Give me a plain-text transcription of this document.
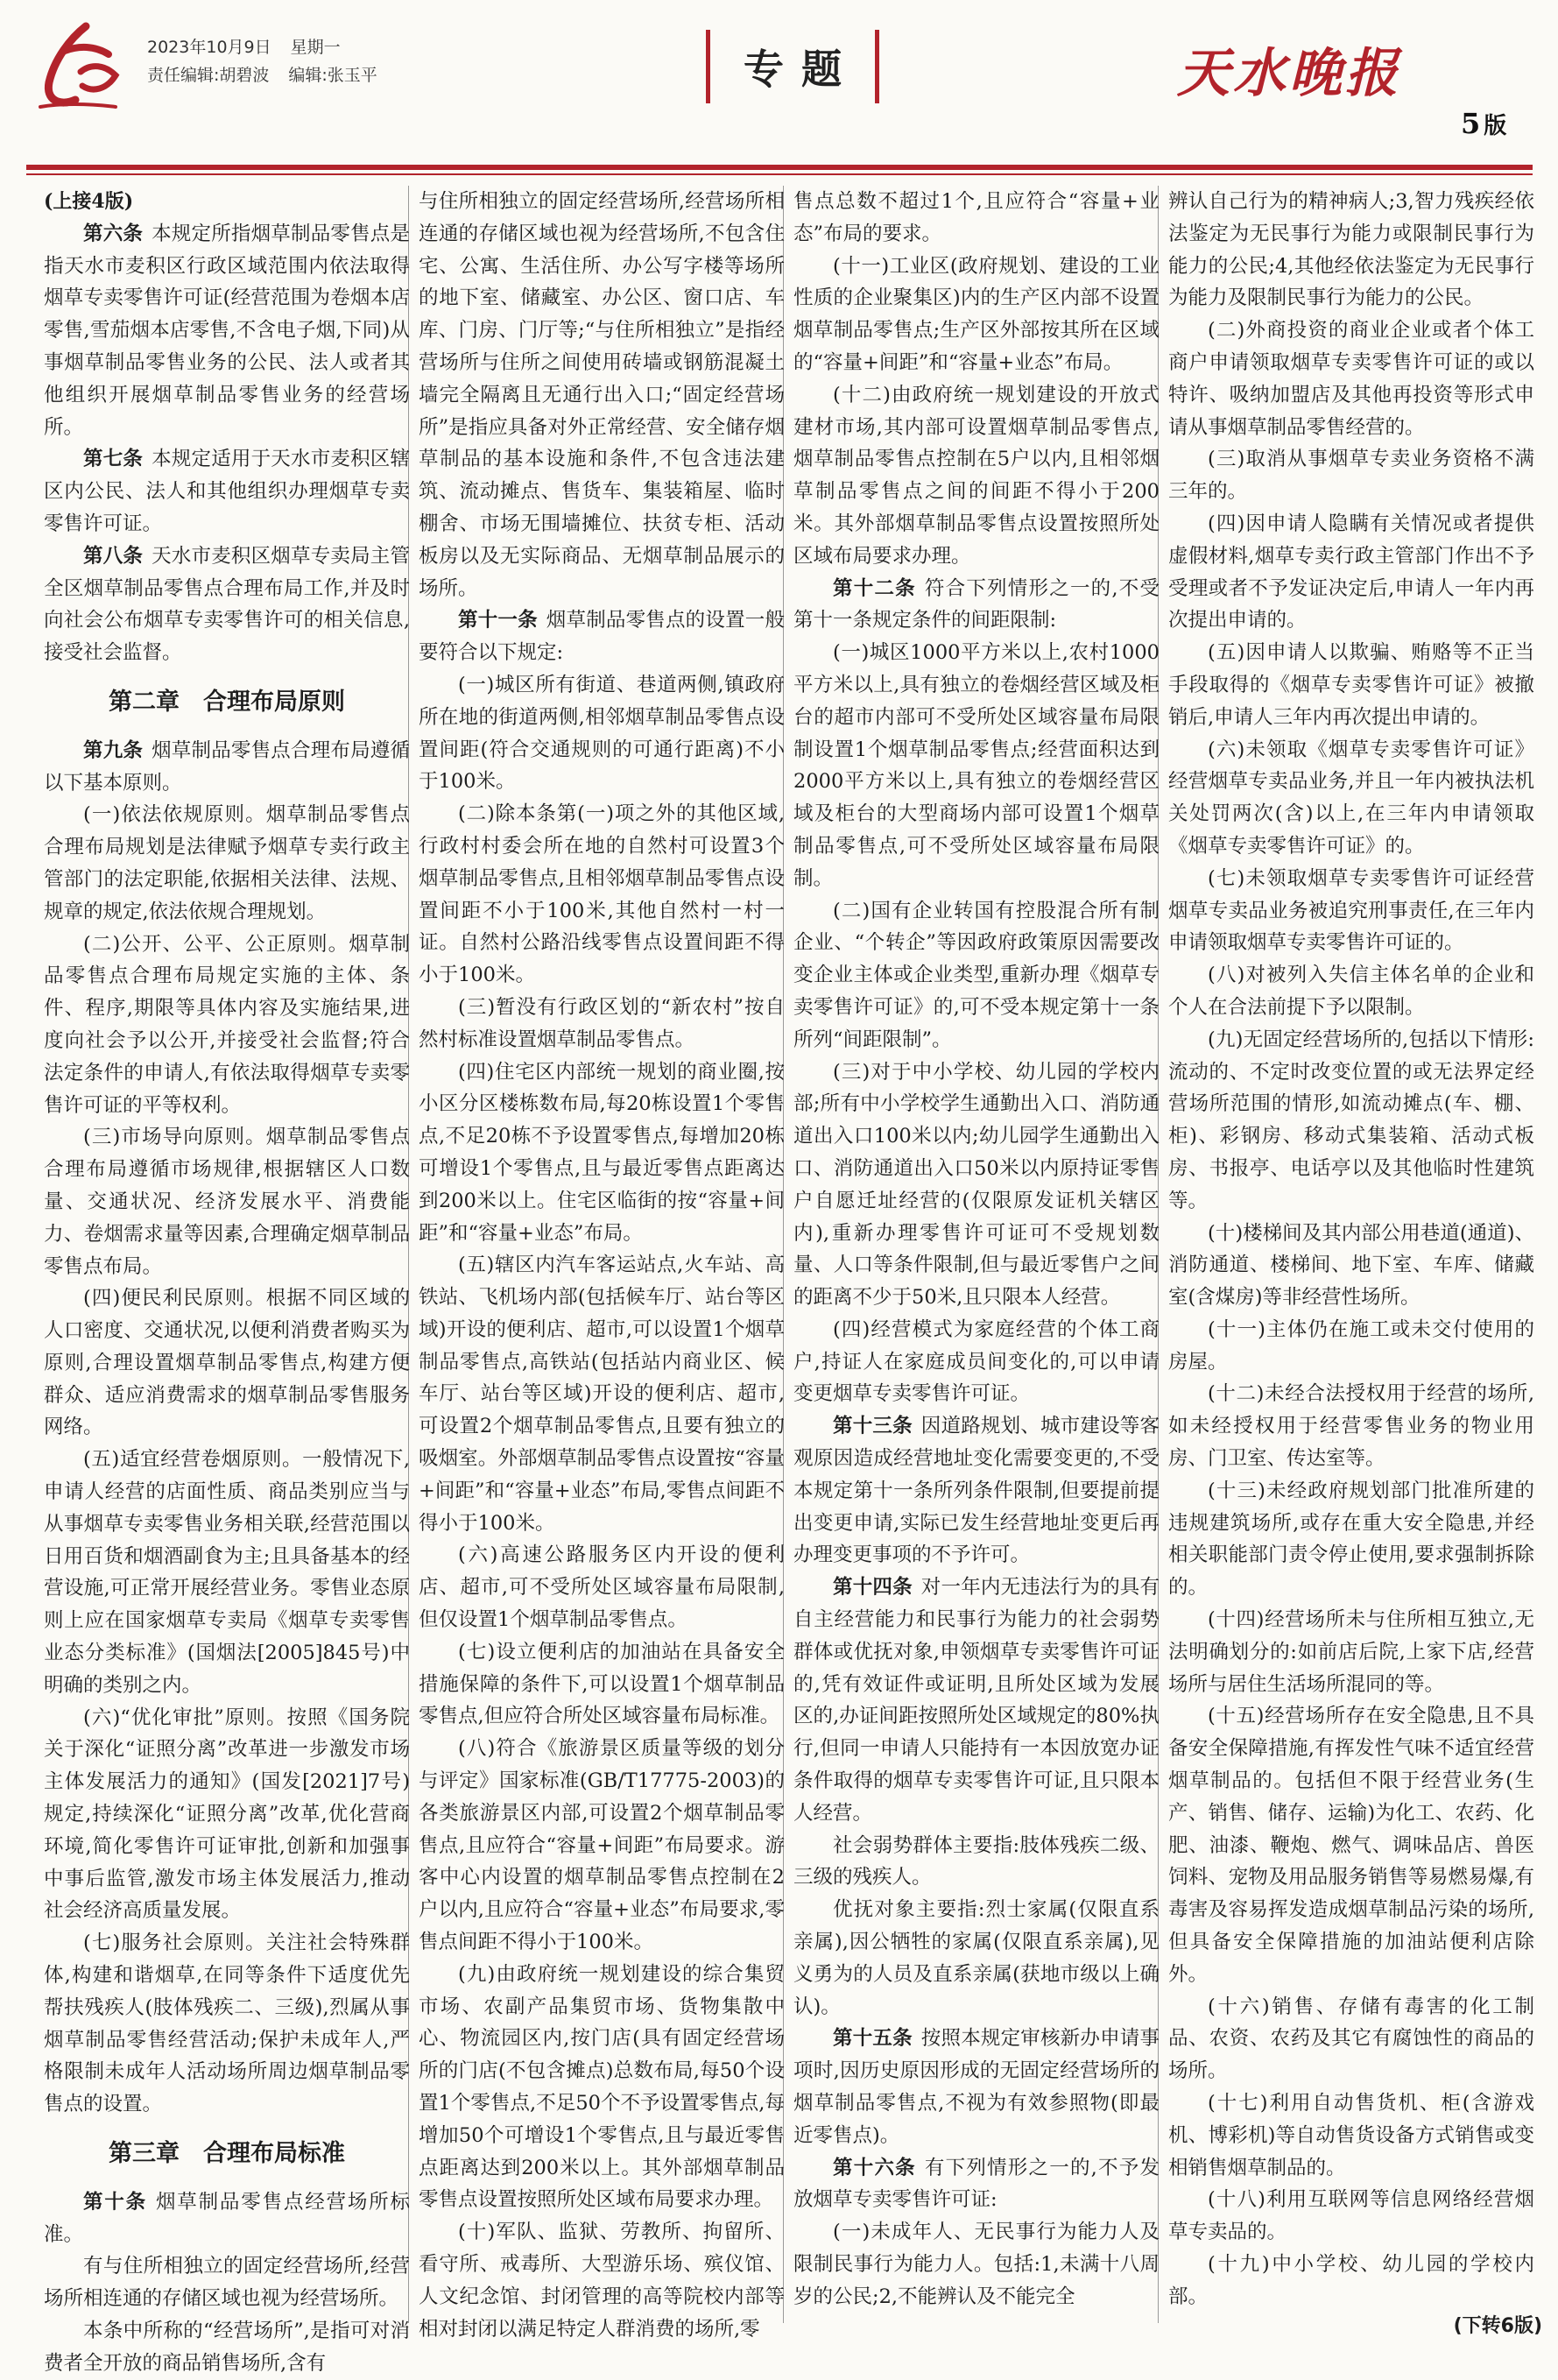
2023年10月9日 星期一
责任编辑:胡碧波 编辑:张玉平	专题	天水晚报
5 版

(上接4版)

第六条 本规定所指烟草制品零售点是指天水市麦积区行政区域范围内依法取得烟草专卖零售许可证(经营范围为卷烟本店零售,雪茄烟本店零售,不含电子烟,下同)从事烟草制品零售业务的公民、法人或者其他组织开展烟草制品零售业务的经营场所。

第七条 本规定适用于天水市麦积区辖区内公民、法人和其他组织办理烟草专卖零售许可证。

第八条 天水市麦积区烟草专卖局主管全区烟草制品零售点合理布局工作,并及时向社会公布烟草专卖零售许可的相关信息,接受社会监督。

第二章　合理布局原则

第九条 烟草制品零售点合理布局遵循以下基本原则。

(一)依法依规原则。烟草制品零售点合理布局规划是法律赋予烟草专卖行政主管部门的法定职能,依据相关法律、法规、规章的规定,依法依规合理规划。

(二)公开、公平、公正原则。烟草制品零售点合理布局规定实施的主体、条件、程序,期限等具体内容及实施结果,进度向社会予以公开,并接受社会监督;符合法定条件的申请人,有依法取得烟草专卖零售许可证的平等权利。

(三)市场导向原则。烟草制品零售点合理布局遵循市场规律,根据辖区人口数量、交通状况、经济发展水平、消费能力、卷烟需求量等因素,合理确定烟草制品零售点布局。

(四)便民利民原则。根据不同区域的人口密度、交通状况,以便利消费者购买为原则,合理设置烟草制品零售点,构建方便群众、适应消费需求的烟草制品零售服务网络。

(五)适宜经营卷烟原则。一般情况下,申请人经营的店面性质、商品类别应当与从事烟草专卖零售业务相关联,经营范围以日用百货和烟酒副食为主;且具备基本的经营设施,可正常开展经营业务。零售业态原则上应在国家烟草专卖局《烟草专卖零售业态分类标准》(国烟法[2005]845号)中明确的类别之内。

(六)“优化审批”原则。按照《国务院关于深化“证照分离”改革进一步激发市场主体发展活力的通知》(国发[2021]7号)规定,持续深化“证照分离”改革,优化营商环境,简化零售许可证审批,创新和加强事中事后监管,激发市场主体发展活力,推动社会经济高质量发展。

(七)服务社会原则。关注社会特殊群体,构建和谐烟草,在同等条件下适度优先帮扶残疾人(肢体残疾二、三级),烈属从事烟草制品零售经营活动;保护未成年人,严格限制未成年人活动场所周边烟草制品零售点的设置。

第三章　合理布局标准

第十条 烟草制品零售点经营场所标准。

有与住所相独立的固定经营场所,经营场所相连通的存储区域也视为经营场所。

本条中所称的“经营场所”,是指可对消费者全开放的商品销售场所,含有

与住所相独立的固定经营场所,经营场所相连通的存储区域也视为经营场所,不包含住宅、公寓、生活住所、办公写字楼等场所的地下室、储藏室、办公区、窗口店、车库、门房、门厅等;“与住所相独立”是指经营场所与住所之间使用砖墙或钢筋混凝土墙完全隔离且无通行出入口;“固定经营场所”是指应具备对外正常经营、安全储存烟草制品的基本设施和条件,不包含违法建筑、流动摊点、售货车、集装箱屋、临时棚舍、市场无围墙摊位、扶贫专柜、活动板房以及无实际商品、无烟草制品展示的场所。

第十一条 烟草制品零售点的设置一般要符合以下规定:

(一)城区所有街道、巷道两侧,镇政府所在地的街道两侧,相邻烟草制品零售点设置间距(符合交通规则的可通行距离)不小于100米。

(二)除本条第(一)项之外的其他区域,行政村村委会所在地的自然村可设置3个烟草制品零售点,且相邻烟草制品零售点设置间距不小于100米,其他自然村一村一证。自然村公路沿线零售点设置间距不得小于100米。

(三)暂没有行政区划的“新农村”按自然村标准设置烟草制品零售点。

(四)住宅区内部统一规划的商业圈,按小区分区楼栋数布局,每20栋设置1个零售点,不足20栋不予设置零售点,每增加20栋可增设1个零售点,且与最近零售点距离达到200米以上。住宅区临街的按“容量+间距”和“容量+业态”布局。

(五)辖区内汽车客运站点,火车站、高铁站、飞机场内部(包括候车厅、站台等区域)开设的便利店、超市,可以设置1个烟草制品零售点,高铁站(包括站内商业区、候车厅、站台等区域)开设的便利店、超市,可设置2个烟草制品零售点,且要有独立的吸烟室。外部烟草制品零售点设置按“容量+间距”和“容量+业态”布局,零售点间距不得小于100米。

(六)高速公路服务区内开设的便利店、超市,可不受所处区域容量布局限制,但仅设置1个烟草制品零售点。

(七)设立便利店的加油站在具备安全措施保障的条件下,可以设置1个烟草制品零售点,但应符合所处区域容量布局标准。

(八)符合《旅游景区质量等级的划分与评定》国家标准(GB/T17775-2003)的各类旅游景区内部,可设置2个烟草制品零售点,且应符合“容量+间距”布局要求。游客中心内设置的烟草制品零售点控制在2户以内,且应符合“容量+业态”布局要求,零售点间距不得小于100米。

(九)由政府统一规划建设的综合集贸市场、农副产品集贸市场、货物集散中心、物流园区内,按门店(具有固定经营场所的门店(不包含摊点)总数布局,每50个设置1个零售点,不足50个不予设置零售点,每增加50个可增设1个零售点,且与最近零售点距离达到200米以上。其外部烟草制品零售点设置按照所处区域布局要求办理。

(十)军队、监狱、劳教所、拘留所、看守所、戒毒所、大型游乐场、殡仪馆、人文纪念馆、封闭管理的高等院校内部等相对封闭以满足特定人群消费的场所,零

售点总数不超过1个,且应符合“容量+业态”布局的要求。

(十一)工业区(政府规划、建设的工业性质的企业聚集区)内的生产区内部不设置烟草制品零售点;生产区外部按其所在区域的“容量+间距”和“容量+业态”布局。

(十二)由政府统一规划建设的开放式建材市场,其内部可设置烟草制品零售点,烟草制品零售点控制在5户以内,且相邻烟草制品零售点之间的间距不得小于200米。其外部烟草制品零售点设置按照所处区域布局要求办理。

第十二条 符合下列情形之一的,不受第十一条规定条件的间距限制:

(一)城区1000平方米以上,农村1000平方米以上,具有独立的卷烟经营区域及柜台的超市内部可不受所处区域容量布局限制设置1个烟草制品零售点;经营面积达到2000平方米以上,具有独立的卷烟经营区域及柜台的大型商场内部可设置1个烟草制品零售点,可不受所处区域容量布局限制。

(二)国有企业转国有控股混合所有制企业、“个转企”等因政府政策原因需要改变企业主体或企业类型,重新办理《烟草专卖零售许可证》的,可不受本规定第十一条所列“间距限制”。

(三)对于中小学校、幼儿园的学校内部;所有中小学校学生通勤出入口、消防通道出入口100米以内;幼儿园学生通勤出入口、消防通道出入口50米以内原持证零售户自愿迁址经营的(仅限原发证机关辖区内),重新办理零售许可证可不受规划数量、人口等条件限制,但与最近零售户之间的距离不少于50米,且只限本人经营。

(四)经营模式为家庭经营的个体工商户,持证人在家庭成员间变化的,可以申请变更烟草专卖零售许可证。

第十三条 因道路规划、城市建设等客观原因造成经营地址变化需要变更的,不受本规定第十一条所列条件限制,但要提前提出变更申请,实际已发生经营地址变更后再办理变更事项的不予许可。

第十四条 对一年内无违法行为的具有自主经营能力和民事行为能力的社会弱势群体或优抚对象,申领烟草专卖零售许可证的,凭有效证件或证明,且所处区域为发展区的,办证间距按照所处区域规定的80%执行,但同一申请人只能持有一本因放宽办证条件取得的烟草专卖零售许可证,且只限本人经营。

社会弱势群体主要指:肢体残疾二级、三级的残疾人。

优抚对象主要指:烈士家属(仅限直系亲属),因公牺牲的家属(仅限直系亲属),见义勇为的人员及直系亲属(获地市级以上确认)。

第十五条 按照本规定审核新办申请事项时,因历史原因形成的无固定经营场所的烟草制品零售点,不视为有效参照物(即最近零售点)。

第十六条 有下列情形之一的,不予发放烟草专卖零售许可证:

(一)未成年人、无民事行为能力人及限制民事行为能力人。包括:1,未满十八周岁的公民;2,不能辨认及不能完全

辨认自己行为的精神病人;3,智力残疾经依法鉴定为无民事行为能力或限制民事行为能力的公民;4,其他经依法鉴定为无民事行为能力及限制民事行为能力的公民。

(二)外商投资的商业企业或者个体工商户申请领取烟草专卖零售许可证的或以特许、吸纳加盟店及其他再投资等形式申请从事烟草制品零售经营的。

(三)取消从事烟草专卖业务资格不满三年的。

(四)因申请人隐瞒有关情况或者提供虚假材料,烟草专卖行政主管部门作出不予受理或者不予发证决定后,申请人一年内再次提出申请的。

(五)因申请人以欺骗、贿赂等不正当手段取得的《烟草专卖零售许可证》被撤销后,申请人三年内再次提出申请的。

(六)未领取《烟草专卖零售许可证》经营烟草专卖品业务,并且一年内被执法机关处罚两次(含)以上,在三年内申请领取《烟草专卖零售许可证》的。

(七)未领取烟草专卖零售许可证经营烟草专卖品业务被追究刑事责任,在三年内申请领取烟草专卖零售许可证的。

(八)对被列入失信主体名单的企业和个人在合法前提下予以限制。

(九)无固定经营场所的,包括以下情形:流动的、不定时改变位置的或无法界定经营场所范围的情形,如流动摊点(车、棚、柜)、彩钢房、移动式集装箱、活动式板房、书报亭、电话亭以及其他临时性建筑等。

(十)楼梯间及其内部公用巷道(通道)、消防通道、楼梯间、地下室、车库、储藏室(含煤房)等非经营性场所。

(十一)主体仍在施工或未交付使用的房屋。

(十二)未经合法授权用于经营的场所,如未经授权用于经营零售业务的物业用房、门卫室、传达室等。

(十三)未经政府规划部门批准所建的违规建筑场所,或存在重大安全隐患,并经相关职能部门责令停止使用,要求强制拆除的。

(十四)经营场所未与住所相互独立,无法明确划分的:如前店后院,上家下店,经营场所与居住生活场所混同的等。

(十五)经营场所存在安全隐患,且不具备安全保障措施,有挥发性气味不适宜经营烟草制品的。包括但不限于经营业务(生产、销售、储存、运输)为化工、农药、化肥、油漆、鞭炮、燃气、调味品店、兽医饲料、宠物及用品服务销售等易燃易爆,有毒害及容易挥发造成烟草制品污染的场所,但具备安全保障措施的加油站便利店除外。

(十六)销售、存储有毒害的化工制品、农资、农药及其它有腐蚀性的商品的场所。

(十七)利用自动售货机、柜(含游戏机、博彩机)等自动售货设备方式销售或变相销售烟草制品的。

(十八)利用互联网等信息网络经营烟草专卖品的。

(十九)中小学校、幼儿园的学校内部。

(下转6版)
